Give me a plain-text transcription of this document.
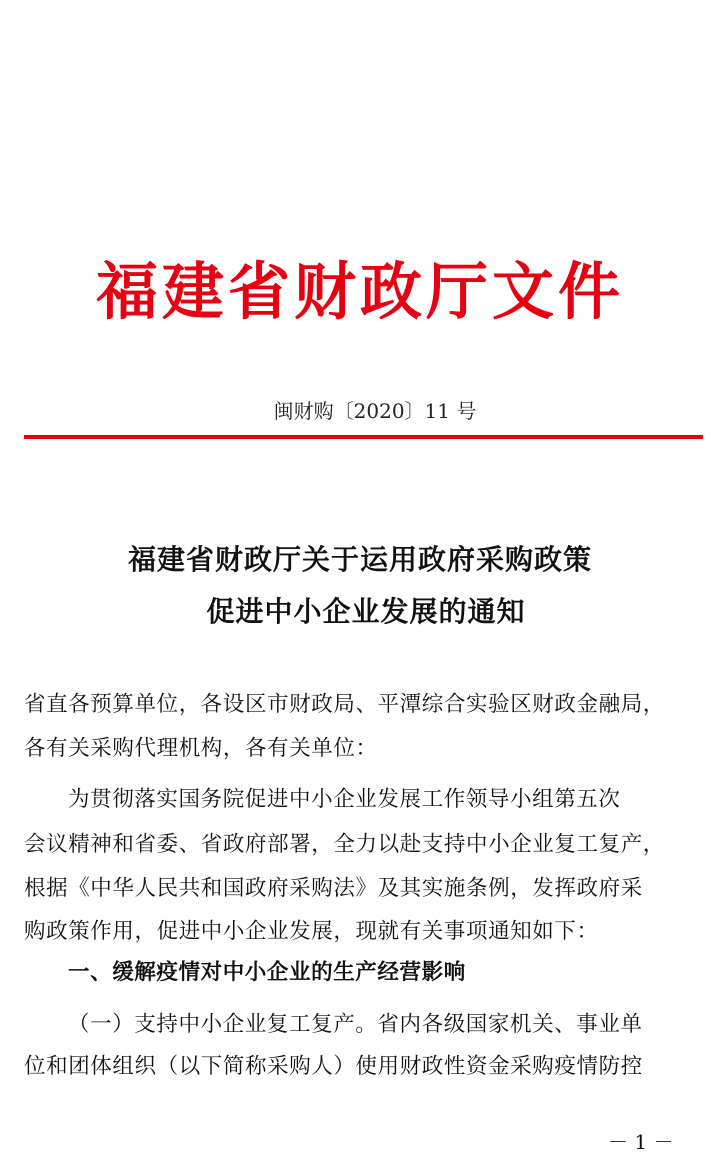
福建省财政厅文件
闽财购〔2020〕11 号
福建省财政厅关于运用政府采购政策
促进中小企业发展的通知
省直各预算单位，各设区市财政局、平潭综合实验区财政金融局，
各有关采购代理机构，各有关单位：
为贯彻落实国务院促进中小企业发展工作领导小组第五次
会议精神和省委、省政府部署，全力以赴支持中小企业复工复产，
根据《中华人民共和国政府采购法》及其实施条例，发挥政府采
购政策作用，促进中小企业发展，现就有关事项通知如下：
一、缓解疫情对中小企业的生产经营影响
（一）支持中小企业复工复产。省内各级国家机关、事业单
位和团体组织（以下简称采购人）使用财政性资金采购疫情防控
－ 1 －
